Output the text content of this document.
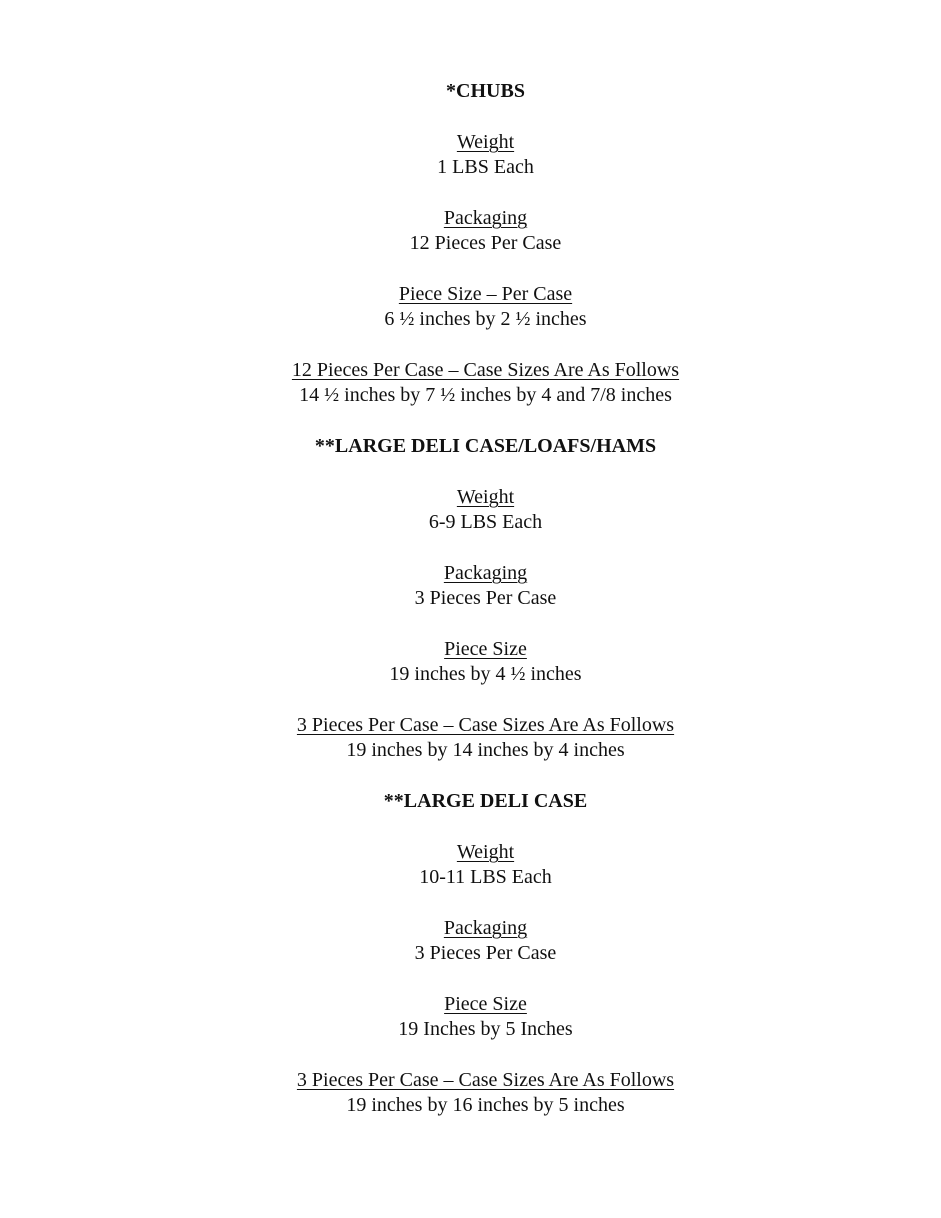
*CHUBS
Weight
1 LBS Each
Packaging
12 Pieces Per Case
Piece Size – Per Case
6 ½ inches by 2 ½ inches
12 Pieces Per Case – Case Sizes Are As Follows
14 ½ inches by 7 ½ inches by 4 and 7/8 inches
**LARGE DELI CASE/LOAFS/HAMS
Weight
6-9 LBS Each
Packaging
3 Pieces Per Case
Piece Size
19 inches by 4 ½ inches
3 Pieces Per Case – Case Sizes Are As Follows
19 inches by 14 inches by 4 inches
**LARGE DELI CASE
Weight
10-11 LBS Each
Packaging
3 Pieces Per Case
Piece Size
19 Inches by 5 Inches
3 Pieces Per Case – Case Sizes Are As Follows
19 inches by 16 inches by 5 inches
